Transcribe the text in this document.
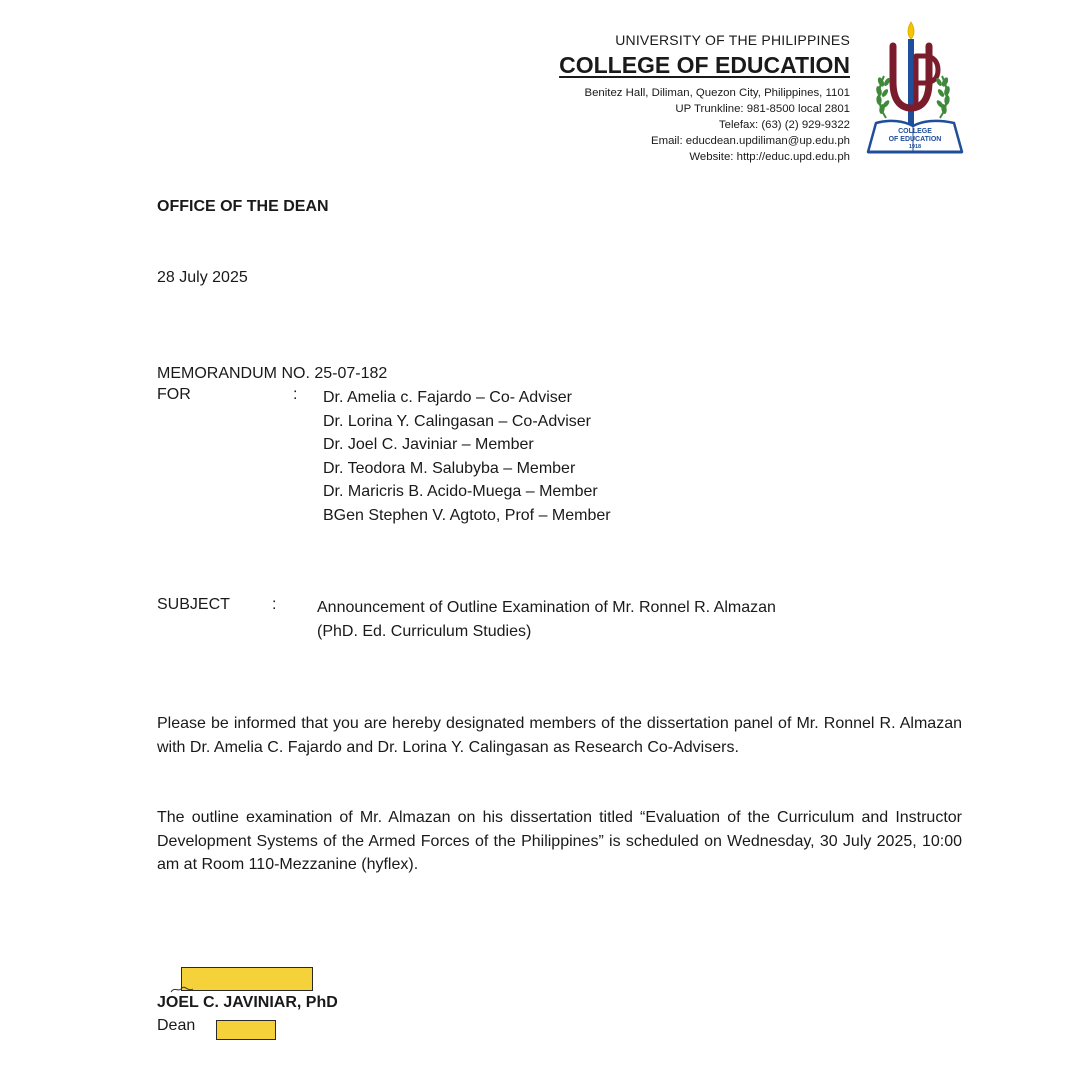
UNIVERSITY OF THE PHILIPPINES
COLLEGE OF EDUCATION
Benitez Hall, Diliman, Quezon City, Philippines, 1101
UP Trunkline: 981-8500 local 2801
Telefax: (63) (2) 929-9322
Email: educdean.updiliman@up.edu.ph
Website: http://educ.upd.edu.ph
COLLEGE
OF EDUCATION
1918
OFFICE OF THE DEAN
28 July 2025
MEMORANDUM NO. 25-07-182
FOR	: Dr. Amelia c. Fajardo – Co- Adviser
Dr. Lorina Y. Calingasan – Co-Adviser
Dr. Joel C. Javiniar – Member
Dr. Teodora M. Salubyba – Member
Dr. Maricris B. Acido-Muega – Member
BGen Stephen V. Agtoto, Prof – Member
SUBJECT	:	Announcement of Outline Examination of Mr. Ronnel R. Almazan
(PhD. Ed. Curriculum Studies)
Please be informed that you are hereby designated members of the dissertation panel of Mr. Ronnel R. Almazan with Dr. Amelia C. Fajardo and Dr. Lorina Y. Calingasan as Research Co-Advisers.
The outline examination of Mr. Almazan on his dissertation titled “Evaluation of the Curriculum and Instructor Development Systems of the Armed Forces of the Philippines” is scheduled on Wednesday, 30 July 2025, 10:00 am at Room 110-Mezzanine (hyflex).
JOEL C. JAVINIAR, PhD
Dean
